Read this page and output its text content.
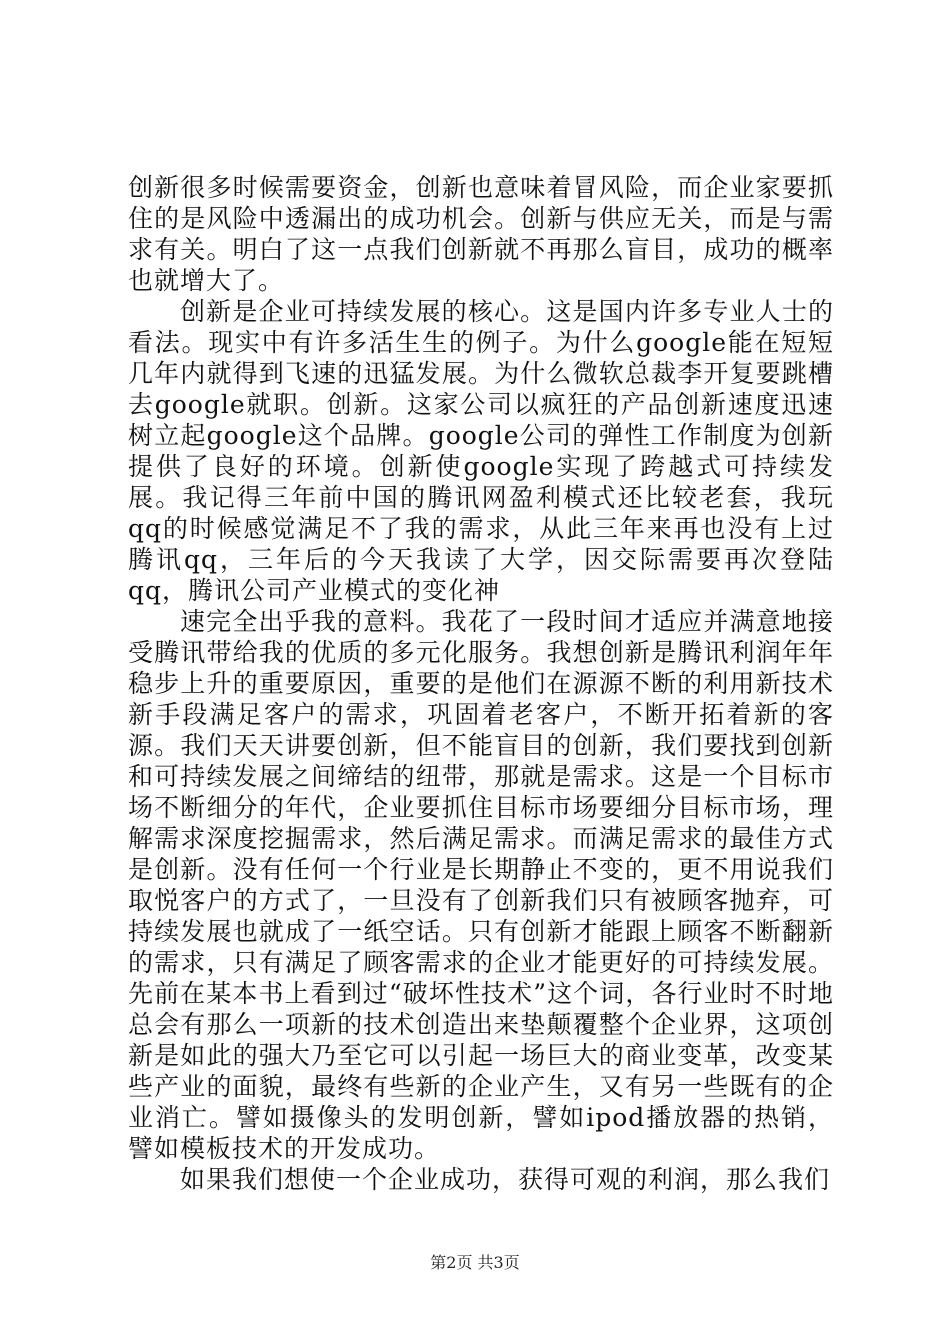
创新很多时候需要资金，创新也意味着冒风险，而企业家要抓住的是风险中透漏出的成功机会。创新与供应无关，而是与需求有关。明白了这一点我们创新就不再那么盲目，成功的概率也就增大了。

创新是企业可持续发展的核心。这是国内许多专业人士的看法。现实中有许多活生生的例子。为什么google能在短短几年内就得到飞速的迅猛发展。为什么微软总裁李开复要跳槽去google就职。创新。这家公司以疯狂的产品创新速度迅速树立起google这个品牌。google公司的弹性工作制度为创新提供了良好的环境。创新使google实现了跨越式可持续发展。我记得三年前中国的腾讯网盈利模式还比较老套，我玩qq的时候感觉满足不了我的需求，从此三年来再也没有上过腾讯qq，三年后的今天我读了大学，因交际需要再次登陆qq，腾讯公司产业模式的变化神

速完全出乎我的意料。我花了一段时间才适应并满意地接受腾讯带给我的优质的多元化服务。我想创新是腾讯利润年年稳步上升的重要原因，重要的是他们在源源不断的利用新技术新手段满足客户的需求，巩固着老客户，不断开拓着新的客源。我们天天讲要创新，但不能盲目的创新，我们要找到创新和可持续发展之间缔结的纽带，那就是需求。这是一个目标市场不断细分的年代，企业要抓住目标市场要细分目标市场，理解需求深度挖掘需求，然后满足需求。而满足需求的最佳方式是创新。没有任何一个行业是长期静止不变的，更不用说我们取悦客户的方式了，一旦没有了创新我们只有被顾客抛弃，可持续发展也就成了一纸空话。只有创新才能跟上顾客不断翻新的需求，只有满足了顾客需求的企业才能更好的可持续发展。先前在某本书上看到过“破坏性技术”这个词，各行业时不时地总会有那么一项新的技术创造出来垫颠覆整个企业界，这项创新是如此的强大乃至它可以引起一场巨大的商业变革，改变某些产业的面貌，最终有些新的企业产生，又有另一些既有的企业消亡。譬如摄像头的发明创新，譬如ipod播放器的热销，譬如模板技术的开发成功。

如果我们想使一个企业成功，获得可观的利润，那么我们

第2页 共3页
